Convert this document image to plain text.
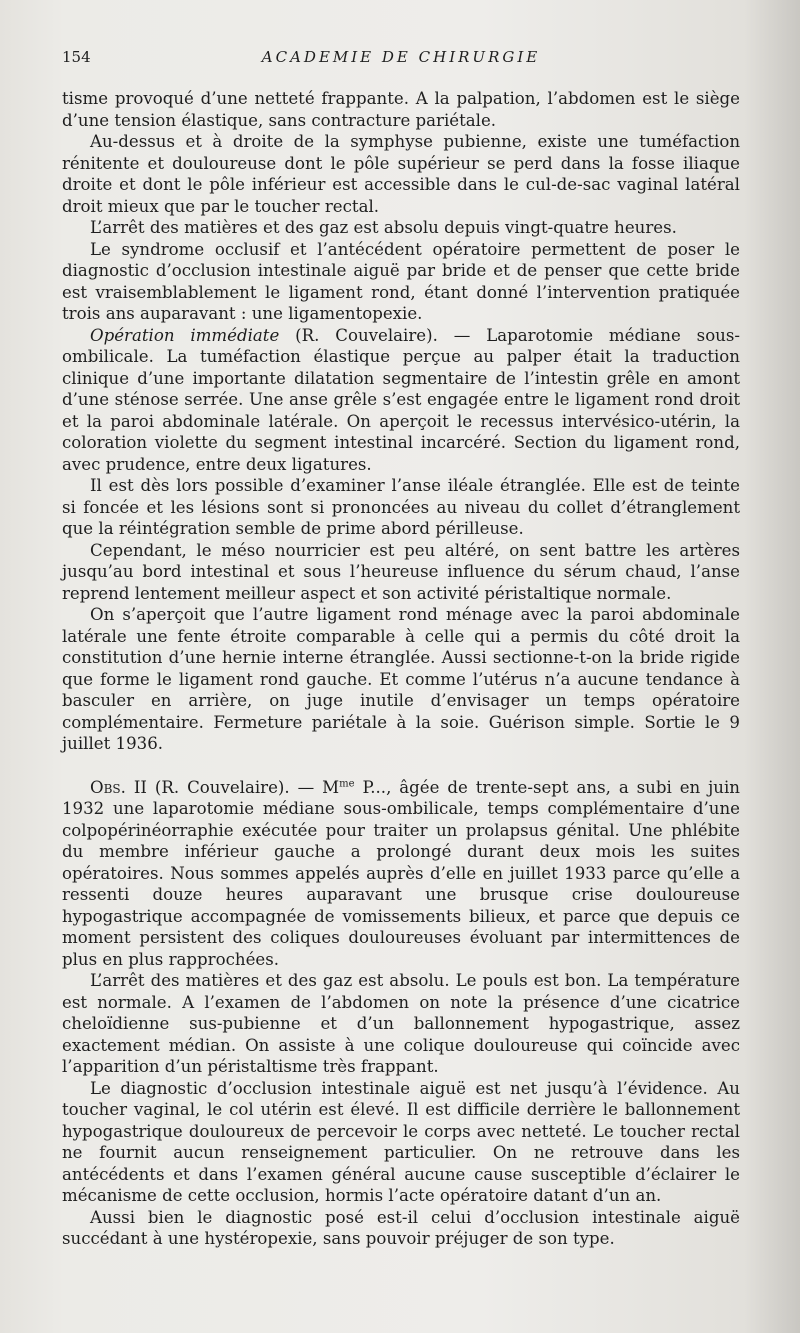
154	ACADEMIE DE CHIRURGIE

tisme provoqué d’une netteté frappante. A la palpation, l’abdomen est le siège d’une tension élastique, sans contracture pariétale.

Au-dessus et à droite de la symphyse pubienne, existe une tuméfaction rénitente et douloureuse dont le pôle supérieur se perd dans la fosse iliaque droite et dont le pôle inférieur est accessible dans le cul-de-sac vaginal latéral droit mieux que par le toucher rectal.

L’arrêt des matières et des gaz est absolu depuis vingt-quatre heures.

Le syndrome occlusif et l’antécédent opératoire permettent de poser le diagnostic d’occlusion intestinale aiguë par bride et de penser que cette bride est vraisemblablement le ligament rond, étant donné l’intervention pratiquée trois ans auparavant : une ligamentopexie.

Opération immédiate (R. Couvelaire). — Laparotomie médiane sous-ombilicale. La tuméfaction élastique perçue au palper était la traduction clinique d’une importante dilatation segmentaire de l’intestin grêle en amont d’une sténose serrée. Une anse grêle s’est engagée entre le ligament rond droit et la paroi abdominale latérale. On aperçoit le recessus intervésico-utérin, la coloration violette du segment intestinal incarcéré. Section du ligament rond, avec prudence, entre deux ligatures.

Il est dès lors possible d’examiner l’anse iléale étranglée. Elle est de teinte si foncée et les lésions sont si prononcées au niveau du collet d’étranglement que la réintégration semble de prime abord périlleuse.

Cependant, le méso nourricier est peu altéré, on sent battre les artères jusqu’au bord intestinal et sous l’heureuse influence du sérum chaud, l’anse reprend lentement meilleur aspect et son activité péristaltique normale.

On s’aperçoit que l’autre ligament rond ménage avec la paroi abdominale latérale une fente étroite comparable à celle qui a permis du côté droit la constitution d’une hernie interne étranglée. Aussi sectionne-t-on la bride rigide que forme le ligament rond gauche. Et comme l’utérus n’a aucune tendance à basculer en arrière, on juge inutile d’envisager un temps opératoire complémentaire. Fermeture pariétale à la soie. Guérison simple. Sortie le 9 juillet 1936.

Obs. II (R. Couvelaire). — $M^{me}$ P..., âgée de trente-sept ans, a subi en juin 1932 une laparotomie médiane sous-ombilicale, temps complémentaire d’une colpopérinéorraphie exécutée pour traiter un prolapsus génital. Une phlébite du membre inférieur gauche a prolongé durant deux mois les suites opératoires. Nous sommes appelés auprès d’elle en juillet 1933 parce qu’elle a ressenti douze heures auparavant une brusque crise douloureuse hypogastrique accompagnée de vomissements bilieux, et parce que depuis ce moment persistent des coliques douloureuses évoluant par intermittences de plus en plus rapprochées.

L’arrêt des matières et des gaz est absolu. Le pouls est bon. La température est normale. A l’examen de l’abdomen on note la présence d’une cicatrice cheloïdienne sus-pubienne et d’un ballonnement hypogastrique, assez exactement médian. On assiste à une colique douloureuse qui coïncide avec l’apparition d’un péristaltisme très frappant.

Le diagnostic d’occlusion intestinale aiguë est net jusqu’à l’évidence. Au toucher vaginal, le col utérin est élevé. Il est difficile derrière le ballonnement hypogastrique douloureux de percevoir le corps avec netteté. Le toucher rectal ne fournit aucun renseignement particulier. On ne retrouve dans les antécédents et dans l’examen général aucune cause susceptible d’éclairer le mécanisme de cette occlusion, hormis l’acte opératoire datant d’un an.

Aussi bien le diagnostic posé est-il celui d’occlusion intestinale aiguë succédant à une hystéropexie, sans pouvoir préjuger de son type.
